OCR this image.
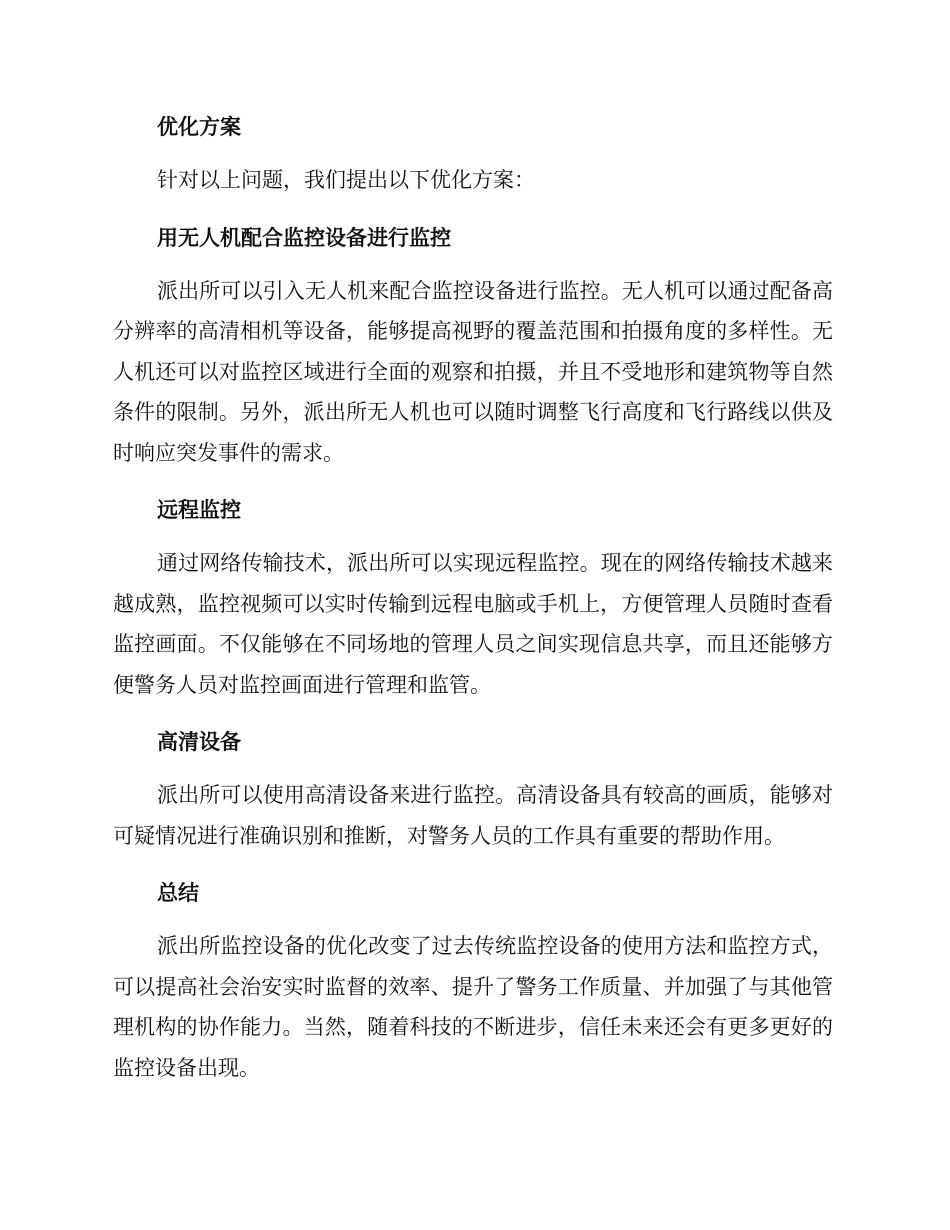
优化方案

针对以上问题，我们提出以下优化方案：

用无人机配合监控设备进行监控

派出所可以引入无人机来配合监控设备进行监控。无人机可以通过配备高分辨率的高清相机等设备，能够提高视野的覆盖范围和拍摄角度的多样性。无人机还可以对监控区域进行全面的观察和拍摄，并且不受地形和建筑物等自然条件的限制。另外，派出所无人机也可以随时调整飞行高度和飞行路线以供及时响应突发事件的需求。

远程监控

通过网络传输技术，派出所可以实现远程监控。现在的网络传输技术越来越成熟，监控视频可以实时传输到远程电脑或手机上，方便管理人员随时查看监控画面。不仅能够在不同场地的管理人员之间实现信息共享，而且还能够方便警务人员对监控画面进行管理和监管。

高清设备

派出所可以使用高清设备来进行监控。高清设备具有较高的画质，能够对可疑情况进行准确识别和推断，对警务人员的工作具有重要的帮助作用。

总结

派出所监控设备的优化改变了过去传统监控设备的使用方法和监控方式，可以提高社会治安实时监督的效率、提升了警务工作质量、并加强了与其他管理机构的协作能力。当然，随着科技的不断进步，信任未来还会有更多更好的监控设备出现。
